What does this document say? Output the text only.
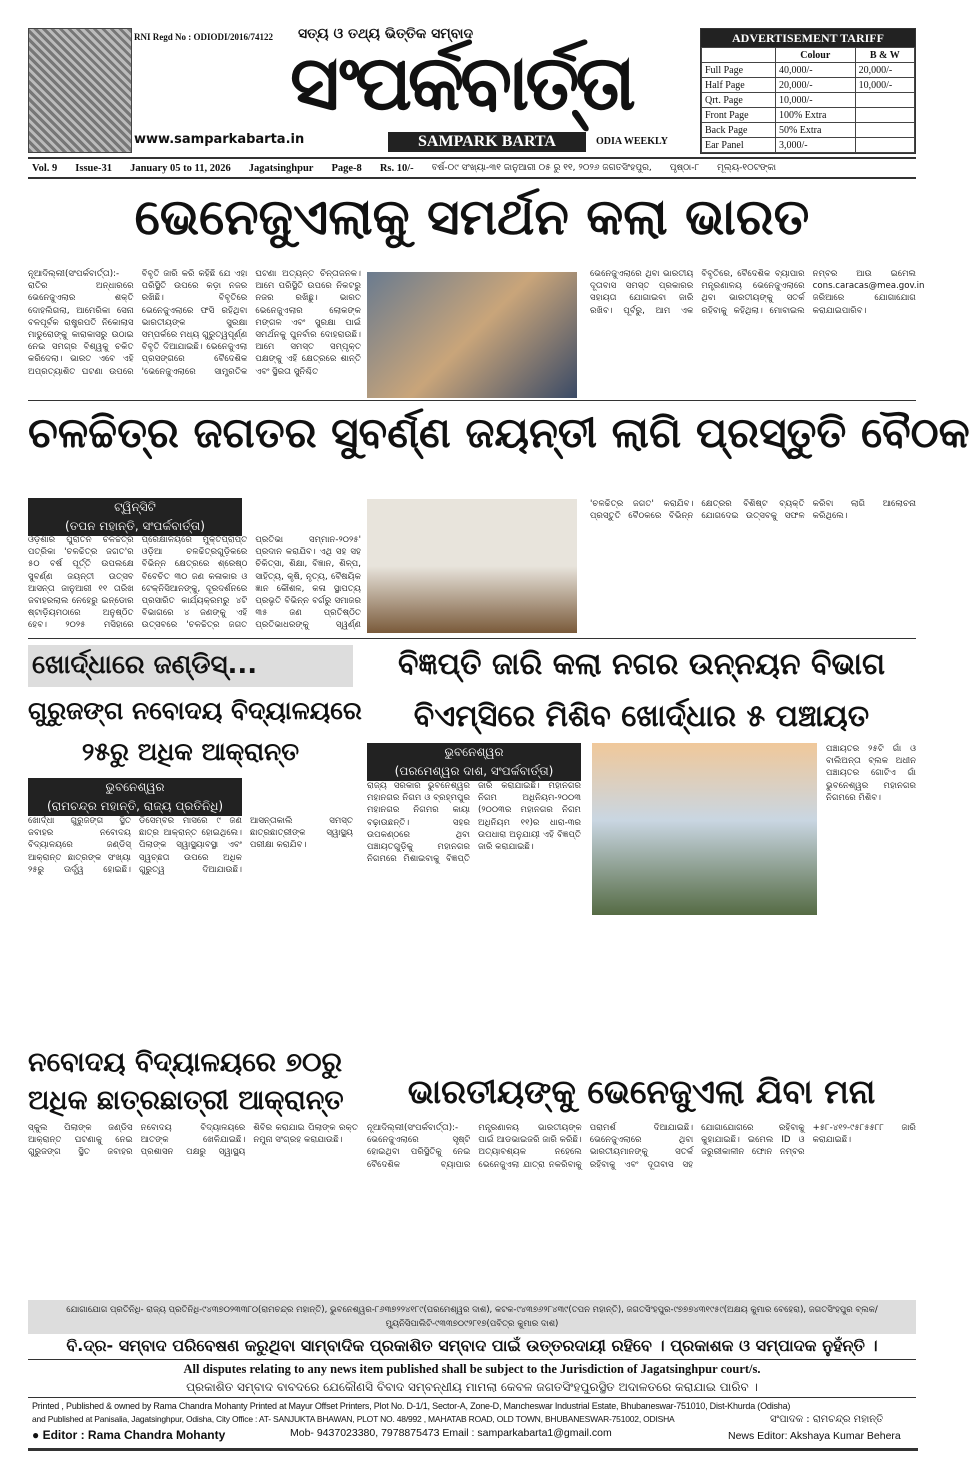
RNI Regd No : ODIODI/2016/74122 ସତ୍ୟ ଓ ତଥ୍ୟ ଭିତ୍ତିକ ସମ୍ବାଦ
ସଂପର୍କବାର୍ତ୍ତା
www.samparkabarta.in	SAMPARK BARTA	ODIA WEEKLY
ADVERTISEMENT TARIFF
	Colour	B & W
Full Page	40,000/-	20,000/-
Half Page	20,000/-	10,000/-
Qrt. Page	10,000/-	
Front Page	100% Extra	
Back Page	50% Extra	
Ear Panel	3,000/-	
Vol. 9 Issue-31 January 05 to 11, 2026 Jagatsinghpur Page-8 Rs. 10/- ବର୍ଷ-୦୯ ସଂଖ୍ୟା-୩୧ ଜାନୁଆରୀ ୦୫ ରୁ ୧୧, ୨୦୨୬ ଜଗତସିଂହପୁର, ପୃଷ୍ଠା-୮ ମୂଲ୍ୟ-୧୦ଟଙ୍କା
ଭେନେଜୁଏଲାକୁ ସମର୍ଥନ କଲା ଭାରତ
ନୂଆଦିଲ୍ଲୀ(ସଂପର୍କବାର୍ତ୍ତା):- ରାତିର ଅନ୍ଧାରରେ ଭେନେଜୁଏଲାର ଶକ୍ତି ଦୋହଲିଗଲା, ଆମେରିକା ସେନା ବଳପୂର୍ବକ ରାଷ୍ଟ୍ରପତି ନିକୋଲାସ ମାଡୁରୋଙ୍କୁ କାରାକାସରୁ ଉଠାଇ ନେଇ ସମଗ୍ର ବିଶ୍ୱକୁ ଚକିତ କରିଦେଲା। ଭାରତ ଏବେ ଏହି ଅପ୍ରତ୍ୟାଶିତ ଘଟଣା ଉପରେ ବିବୃତି ଜାରି କରି କହିଛି ଯେ ଏହା ପରିସ୍ଥିତି ଉପରେ କଡ଼ା ନଜର ରଖିଛି। ବିବୃତିରେ ଭେନେଜୁଏଲାରେ ଫସି ରହିଥିବା ଭାରତୀୟଙ୍କ ସୁରକ୍ଷା ସମ୍ପର୍କରେ ମଧ୍ୟ ଗୁରୁତ୍ୱପୂର୍ଣ୍ଣ ବିବୃତି ଦିଆଯାଇଛି। ଭେନେଜୁଏଲା ପ୍ରସଙ୍ଗରେ ବୈଦେଶିକ 'ଭେନେଜୁଏଲାରେ ସାମ୍ପ୍ରତିକ ଘଟଣା ଅତ୍ୟନ୍ତ ଚିନ୍ତାଜନକ। ଆମେ ପରିସ୍ଥିତି ଉପରେ ନିକଟରୁ ନଜର ରଖିଛୁ। ଭାରତ ଭେନେଜୁଏଲାର ଲୋକଙ୍କ ମଙ୍ଗଳ ଏବଂ ସୁରକ୍ଷା ପାଇଁ ସମର୍ଥନକୁ ପୁନର୍ବାର ଦୋହରାଉଛି। ଆମେ ସମସ୍ତ ସମ୍ପୃକ୍ତ ପକ୍ଷଙ୍କୁ ଏହି କ୍ଷେତ୍ରରେ ଶାନ୍ତି ଏବଂ ସ୍ଥିରତା ସୁନିଶ୍ଚିତ
ଭେନେଜୁଏଲାରେ ଥିବା ଭାରତୀୟ ଦୂତାବାସ ସମସ୍ତ ପ୍ରକାରର ସହାୟତା ଯୋଗାଇବା ଜାରି ରଖିବ। ପୂର୍ବରୁ, ଆମ ଏକ ବିବୃତିରେ, ବୈଦେଶିକ ବ୍ୟାପାର ମନ୍ତ୍ରଣାଳୟ ଭେନେଜୁଏଲାରେ ଥିବା ଭାରତୀୟଙ୍କୁ ସତର୍କ ରହିବାକୁ କହିଥିଲା। ମୋବାଇଲ ନମ୍ବର ଆଉ ଇମେଲ cons.caracas@mea.gov.in ଜରିଆରେ ଯୋଗାଯୋଗ କରାଯାଇପାରିବ।
ଚଳଚ୍ଚିତ୍ର ଜଗତର ସୁବର୍ଣ୍ଣ ଜୟନ୍ତୀ ଲାଗି ପ୍ରସ୍ତୁତି ବୈଠକ
ଟ୍ୱିନ୍‌ସିଟି
(ତପନ ମହାନ୍ତି, ସଂପର୍କବାର୍ତ୍ତା)
ଓଡ଼ିଶାର ପୁରାତନ ଚଳଚ୍ଚିତ୍ର ପତ୍ରିକା 'ଚଳଚ୍ଚିତ୍ର ଜଗତ'ର ୫୦ ବର୍ଷ ପୂର୍ତ୍ତି ଉପଲକ୍ଷେ ସୁବର୍ଣ୍ଣ ଜୟନ୍ତୀ ଉତ୍ସବ ଆସନ୍ତା ଜାନୁଆରୀ ୧୧ ତାରିଖ ଜବାହରଲାଲ ନେହେରୁ ଇନ୍‌ଡୋର ଷ୍ଟାଡ଼ିୟମଠାରେ ଅନୁଷ୍ଠିତ ହେବ। ୨୦୨୫ ମସିହାରେ ପ୍ରେକ୍ଷାଳୟରେ ମୁକ୍ତିପ୍ରାପ୍ତ ଓଡ଼ିଆ ଚଳଚ୍ଚିତ୍ରଗୁଡ଼ିକରେ ବିଭିନ୍ନ କ୍ଷେତ୍ରରେ ଶ୍ରେଷ୍ଠ ବିବେଚିତ ୩୦ ଜଣ କଳାକାର ଓ ଟେକ୍ନିସିଆନଙ୍କୁ, ଦୂରଦର୍ଶନରେ ପ୍ରସାରିତ କାର୍ଯ୍ୟକ୍ରମରୁ ୪ଟି ବିଭାଗରେ ୪ ଜଣଙ୍କୁ ଏହି ଉତ୍ସବରେ 'ଚଳଚ୍ଚିତ୍ର ଜଗତ ପ୍ରତିଭା ସମ୍ମାନ-୨୦୨୫' ପ୍ରଦାନ କରାଯିବ। ଏଥି ସହ ସହ ଚିକିତ୍ସା, ଶିକ୍ଷା, ବିଜ୍ଞାନ, ଶିଳ୍ପ, ସାହିତ୍ୟ, କୃଷି, ନୃତ୍ୟ, ବୈଷୟିକ ଜ୍ଞାନ କୌଶଳ, କଳା ସ୍ଥାପତ୍ୟ ପ୍ରଭୃତି ବିଭିନ୍ନ ବର୍ଗରୁ ସମାଜର ୩୫ ଜଣ ପ୍ରତିଷ୍ଠିତ ପ୍ରତିଭାଧରଙ୍କୁ ସ୍ୱର୍ଣ୍ଣ
'ଚଳଚ୍ଚିତ୍ର ଜଗତ' କରାଯିବ। ପ୍ରସ୍ତୁତି ବୈଠକରେ ବିଭିନ୍ନ କ୍ଷେତ୍ରର ବିଶିଷ୍ଟ ବ୍ୟକ୍ତି ଯୋଗଦେଇ ଉତ୍ସବକୁ ସଫଳ କରିବା ଲାଗି ଆଲୋଚନା କରିଥିଲେ।
ଖୋର୍ଦ୍ଧାରେ ଜଣ୍ଡିସ୍...
ଗୁରୁଜଙ୍ଗ ନବୋଦୟ ବିଦ୍ୟାଳୟରେ
୨୫ରୁ ଅଧିକ ଆକ୍ରାନ୍ତ
ଭୁବନେଶ୍ୱର
(ରାମଚନ୍ଦ୍ର ମହାନ୍ତି, ରାଜ୍ୟ ପ୍ରତିନିଧି)
ଖୋର୍ଦ୍ଧା ଗୁରୁଜଙ୍ଗ ସ୍ଥିତ ଜବାହର ନବୋଦୟ ବିଦ୍ୟାଳୟରେ ଜଣ୍ଡିସ୍ ଆକ୍ରାନ୍ତ ଛାତ୍ରଙ୍କ ସଂଖ୍ୟା ୨୫ରୁ ଊର୍ଦ୍ଧ୍ୱ ହୋଇଛି। ଡିସେମ୍ବର ମାସରେ ୯ ଜଣ ଛାତ୍ର ଆକ୍ରାନ୍ତ ହୋଇଥିଲେ। ପିଲାଙ୍କ ସ୍ୱାସ୍ଥ୍ୟାବସ୍ଥା ଏବଂ ସ୍ୱଚ୍ଛତା ଉପରେ ଅଧିକ ଗୁରୁତ୍ୱ ଦିଆଯାଉଛି। ଆସନ୍ତାକାଲି ସମସ୍ତ ଛାତ୍ରଛାତ୍ରୀଙ୍କ ସ୍ୱାସ୍ଥ୍ୟ ପରୀକ୍ଷା କରାଯିବ।
ବିଜ୍ଞପ୍ତି ଜାରି କଲା ନଗର ଉନ୍ନୟନ ବିଭାଗ
ବିଏମ୍‌ସିରେ ମିଶିବ ଖୋର୍ଦ୍ଧାର ୫ ପଞ୍ଚାୟତ
ଭୁବନେଶ୍ୱର
(ପରମେଶ୍ୱର ଦାଶ, ସଂପର୍କବାର୍ତ୍ତା)
ରାଜ୍ୟ ସରକାର ଭୁବନେଶ୍ୱର ମହାନଗର ନିଗମ ଓ ବ୍ରହ୍ମପୁର ମହାନଗର ନିଗମର କାୟା ବଢ଼ାଉଛନ୍ତି। ସହର ଉପକଣ୍ଠରେ ଥିବା ପଞ୍ଚାୟତଗୁଡ଼ିକୁ ମହାନଗର ନିଗମରେ ମିଶାଇବାକୁ ବିଜ୍ଞପ୍ତି ଜାରି କରାଯାଇଛି। ମହାନଗର ନିଗମ ଅଧିନିୟମ-୨୦୦୩ (୨୦୦୩ର ମହାନଗର ନିଗମ ଅଧିନିୟମ ୧୧)ର ଧାରା-୩ର ଉପଧାରା ଅନୁଯାୟୀ ଏହି ବିଜ୍ଞପ୍ତି ଜାରି କରାଯାଇଛି।
ପଞ୍ଚାୟତର ୨୫ଟି ଗାଁ ଓ ବାଲିଅନ୍ତା ବ୍ଲକ ଅଧୀନ ପଞ୍ଚାୟତର ଗୋଟିଏ ଗାଁ ଭୁବନେଶ୍ୱର ମହାନଗର ନିଗମରେ ମିଶିବ।
ନବୋଦୟ ବିଦ୍ୟାଳୟରେ ୭୦ରୁ
ଅଧିକ ଛାତ୍ରଛାତ୍ରୀ ଆକ୍ରାନ୍ତ
ସ୍କୁଲ ପିଲାଙ୍କ ଜଣ୍ଡିସ ଆକ୍ରାନ୍ତ ଘଟଣାକୁ ନେଇ ଗୁରୁଜଙ୍ଗ ସ୍ଥିତ ଜବାହର ନବୋଦୟ ବିଦ୍ୟାଳୟରେ ଆତଙ୍କ ଖେଳିଯାଇଛି। ପ୍ରଶାସନ ପକ୍ଷରୁ ସ୍ୱାସ୍ଥ୍ୟ ଶିବିର କରାଯାଇ ପିଲାଙ୍କ ରକ୍ତ ନମୁନା ସଂଗ୍ରହ କରାଯାଉଛି।
ଭାରତୀୟଙ୍କୁ ଭେନେଜୁଏଲା ଯିବା ମନା
ନୂଆଦିଲ୍ଲୀ(ସଂପର୍କବାର୍ତ୍ତା):- ଭେନେଜୁଏଲାରେ ସୃଷ୍ଟି ହୋଇଥିବା ପରିସ୍ଥିତିକୁ ନେଇ ବୈଦେଶିକ ବ୍ୟାପାର ମନ୍ତ୍ରଣାଳୟ ଭାରତୀୟଙ୍କ ପାଇଁ ଆଡଭାଇଜରି ଜାରି କରିଛି। ଅତ୍ୟାବଶ୍ୟକ ନହେଲେ ଭେନେଜୁଏଲା ଯାତ୍ରା ନକରିବାକୁ ପରାମର୍ଶ ଦିଆଯାଇଛି। ଭେନେଜୁଏଲାରେ ଥିବା ଭାରତୀୟମାନଙ୍କୁ ସତର୍କ ରହିବାକୁ ଏବଂ ଦୂତାବାସ ସହ ଯୋଗାଯୋଗରେ ରହିବାକୁ କୁହାଯାଇଛି। ଇମେଲ ID ଓ ଜରୁରୀକାଳୀନ ଫୋନ ନମ୍ବର +୫୮-୪୧୨-୯୫୮୫୫୮୮ ଜାରି କରାଯାଇଛି।
ଯୋଗାଯୋଗ ପ୍ରତିନିଧି- ରାଜ୍ୟ ପ୍ରତିନିଧି-୯୪୩୭୦୨୩୩୮୦(ରାମଚନ୍ଦ୍ର ମହାନ୍ତି), ଭୁବନେଶ୍ୱର-୮୬୩୭୨୨୪୧୮୯(ପରମେଶ୍ୱର ଦାଶ), କଟକ-୯୪୩୭୬୨୮୪୩୯(ତପନ ମହାନ୍ତି), ଜଗତସିଂହପୁର-୯୭୭୭୪୩୧୯୫୯(ଅକ୍ଷୟ କୁମାର ବେହେରା), ଜଗତସିଂହପୁର ବ୍ଲକ/ମ୍ୟୁନିସିପାଲିଟି-୯୩୩୭୦୯୨୮୧୭(ପବିତ୍ର କୁମାର ଦାଶ)
ବି.ଦ୍ର- ସମ୍ବାଦ ପରିବେଷଣ କରୁଥିବା ସାମ୍ବାଦିକ ପ୍ରକାଶିତ ସମ୍ବାଦ ପାଇଁ ଉତ୍ତରଦାୟୀ ରହିବେ । ପ୍ରକାଶକ ଓ ସମ୍ପାଦକ ନୁହଁନ୍ତି ।
All disputes relating to any news item published shall be subject to the Jurisdiction of Jagatsinghpur court/s.
ପ୍ରକାଶିତ ସମ୍ବାଦ ବାବଦରେ ଯେକୌଣସି ବିବାଦ ସମ୍ବନ୍ଧୀୟ ମାମଲା କେବଳ ଜଗତସିଂହପୁରସ୍ଥିତ ଅଦାଳତରେ କରାଯାଇ ପାରିବ ।
Printed , Published & owned by Rama Chandra Mohanty Printed at Mayur Offset Printers, Plot No. D-1/1, Sector-A, Zone-D, Mancheswar Industrial Estate, Bhubaneswar-751010, Dist-Khurda (Odisha)
and Published at Panisalia, Jagatsinghpur, Odisha, City Office : AT- SANJUKTA BHAWAN, PLOT NO. 48/992 , MAHATAB ROAD, OLD TOWN, BHUBANESWAR-751002, ODISHA	ସଂପାଦକ : ରାମଚନ୍ଦ୍ର ମହାନ୍ତି
● Editor : Rama Chandra Mohanty	Mob- 9437023380, 7978875473 Email : samparkabarta1@gmail.com	News Editor: Akshaya Kumar Behera
